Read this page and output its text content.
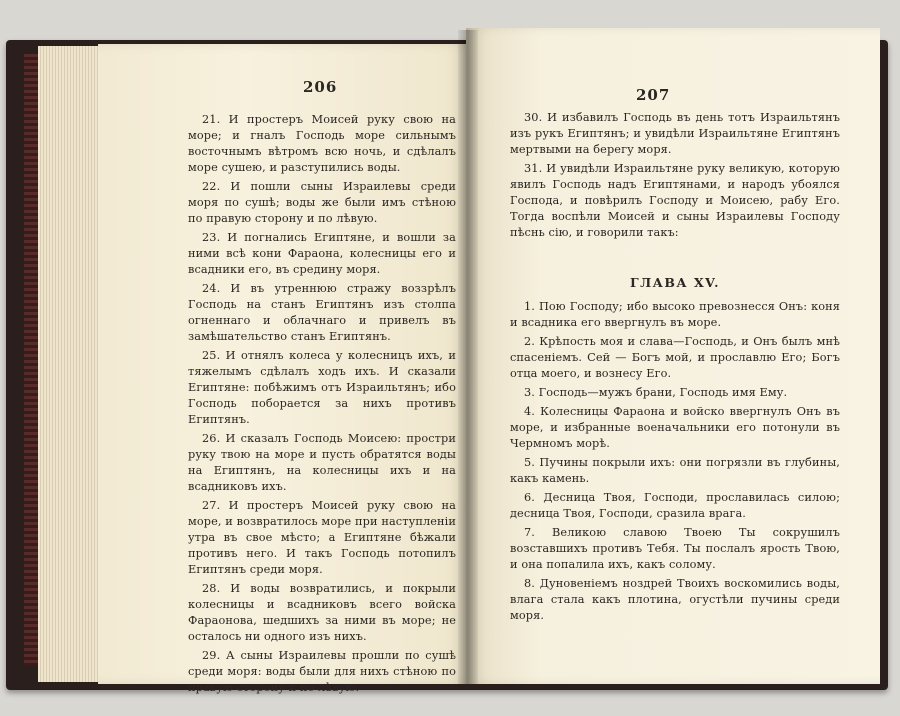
206

21. И простеръ Моисей руку свою на море; и гналъ Господь море сильнымъ восточнымъ вѣтромъ всю ночь, и сдѣлалъ море сушею, и разступились воды.

22. И пошли сыны Израилевы среди моря по сушѣ; воды же были имъ стѣною по правую сторону и по лѣвую.

23. И погнались Египтяне, и вошли за ними всѣ кони Фараона, колесницы его и всадники его, въ средину моря.

24. И въ утреннюю стражу воззрѣлъ Господь на станъ Египтянъ изъ столпа огненнаго и облачнаго и привелъ въ замѣшательство станъ Египтянъ.

25. И отнялъ колеса у колесницъ ихъ, и тяжелымъ сдѣлалъ ходъ ихъ. И сказали Египтяне: побѣжимъ отъ Израильтянъ; ибо Господь поборается за нихъ противъ Египтянъ.

26. И сказалъ Господь Моисею: простри руку твою на море и пусть обратятся воды на Египтянъ, на колесницы ихъ и на всадниковъ ихъ.

27. И простеръ Моисей руку свою на море, и возвратилось море при наступленіи утра въ свое мѣсто; а Египтяне бѣжали противъ него. И такъ Господь потопилъ Египтянъ среди моря.

28. И воды возвратились, и покрыли колесницы и всадниковъ всего войска Фараонова, шедшихъ за ними въ море; не осталось ни одного изъ нихъ.

29. А сыны Израилевы прошли по сушѣ среди моря: воды были для нихъ стѣною по правую сторону и по лѣвую.

207

30. И избавилъ Господь въ день тотъ Израильтянъ изъ рукъ Египтянъ; и увидѣли Израильтяне Египтянъ мертвыми на берегу моря.

31. И увидѣли Израильтяне руку великую, которую явилъ Господь надъ Египтянами, и народъ убоялся Господа, и повѣрилъ Господу и Моисею, рабу Его. Тогда воспѣли Моисей и сыны Израилевы Господу пѣснь сію, и говорили такъ:

ГЛАВА XV.

1. Пою Господу; ибо высоко превознесся Онъ: коня и всадника его ввергнулъ въ море.

2. Крѣпость моя и слава—Господь, и Онъ былъ мнѣ спасеніемъ. Сей — Богъ мой, и прославлю Его; Богъ отца моего, и вознесу Его.

3. Господь—мужъ брани, Господь имя Ему.

4. Колесницы Фараона и войско ввергнулъ Онъ въ море, и избранные военачальники его потонули въ Чермномъ морѣ.

5. Пучины покрыли ихъ: они погрязли въ глубины, какъ камень.

6. Десница Твоя, Господи, прославилась силою; десница Твоя, Господи, сразила врага.

7. Великою славою Твоею Ты сокрушилъ возставшихъ противъ Тебя. Ты послалъ ярость Твою, и она попалила ихъ, какъ солому.

8. Дуновеніемъ ноздрей Твоихъ воскомились воды, влага стала какъ плотина, огустѣли пучины среди моря.
